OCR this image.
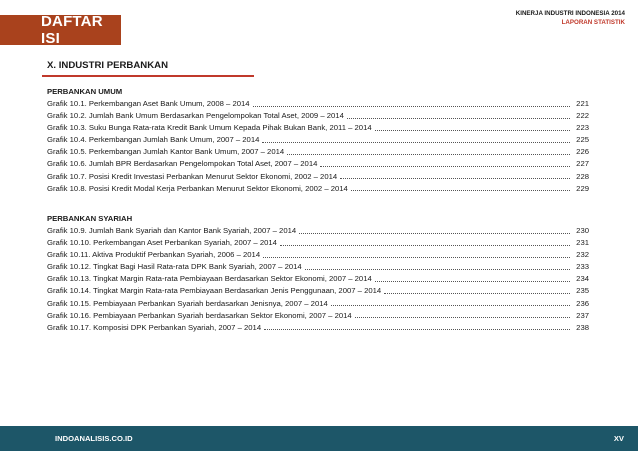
DAFTAR ISI
KINERJA INDUSTRI INDONESIA 2014
LAPORAN STATISTIK
X. INDUSTRI PERBANKAN
PERBANKAN UMUM
Grafik 10.1. Perkembangan Aset Bank Umum, 2008 – 2014	221
Grafik 10.2. Jumlah Bank Umum Berdasarkan Pengelompokan Total Aset, 2009 – 2014	222
Grafik 10.3. Suku Bunga Rata-rata Kredit Bank Umum Kepada Pihak Bukan Bank, 2011 – 2014	223
Grafik 10.4. Perkembangan Jumlah Bank Umum, 2007 – 2014	225
Grafik 10.5. Perkembangan Jumlah Kantor Bank Umum, 2007 – 2014	226
Grafik 10.6. Jumlah BPR Berdasarkan Pengelompokan Total Aset, 2007 – 2014	227
Grafik 10.7. Posisi Kredit Investasi Perbankan Menurut Sektor Ekonomi, 2002 – 2014	228
Grafik 10.8. Posisi Kredit Modal Kerja Perbankan Menurut Sektor Ekonomi, 2002 – 2014	229
PERBANKAN SYARIAH
Grafik 10.9. Jumlah Bank Syariah dan Kantor Bank Syariah, 2007 – 2014	230
Grafik 10.10. Perkembangan Aset Perbankan Syariah, 2007 – 2014	231
Grafik 10.11. Aktiva Produktif Perbankan Syariah, 2006 – 2014	232
Grafik 10.12. Tingkat Bagi Hasil Rata-rata DPK Bank Syariah, 2007 – 2014	233
Grafik 10.13. Tingkat Margin Rata-rata Pembiayaan Berdasarkan Sektor Ekonomi, 2007 – 2014	234
Grafik 10.14. Tingkat Margin Rata-rata Pembiayaan Berdasarkan Jenis Penggunaan, 2007 – 2014	235
Grafik 10.15. Pembiayaan Perbankan Syariah berdasarkan Jenisnya, 2007 – 2014	236
Grafik 10.16. Pembiayaan Perbankan Syariah berdasarkan Sektor Ekonomi, 2007 – 2014	237
Grafik 10.17. Komposisi DPK Perbankan Syariah, 2007 – 2014	238
INDOANALISIS.CO.ID	XV
